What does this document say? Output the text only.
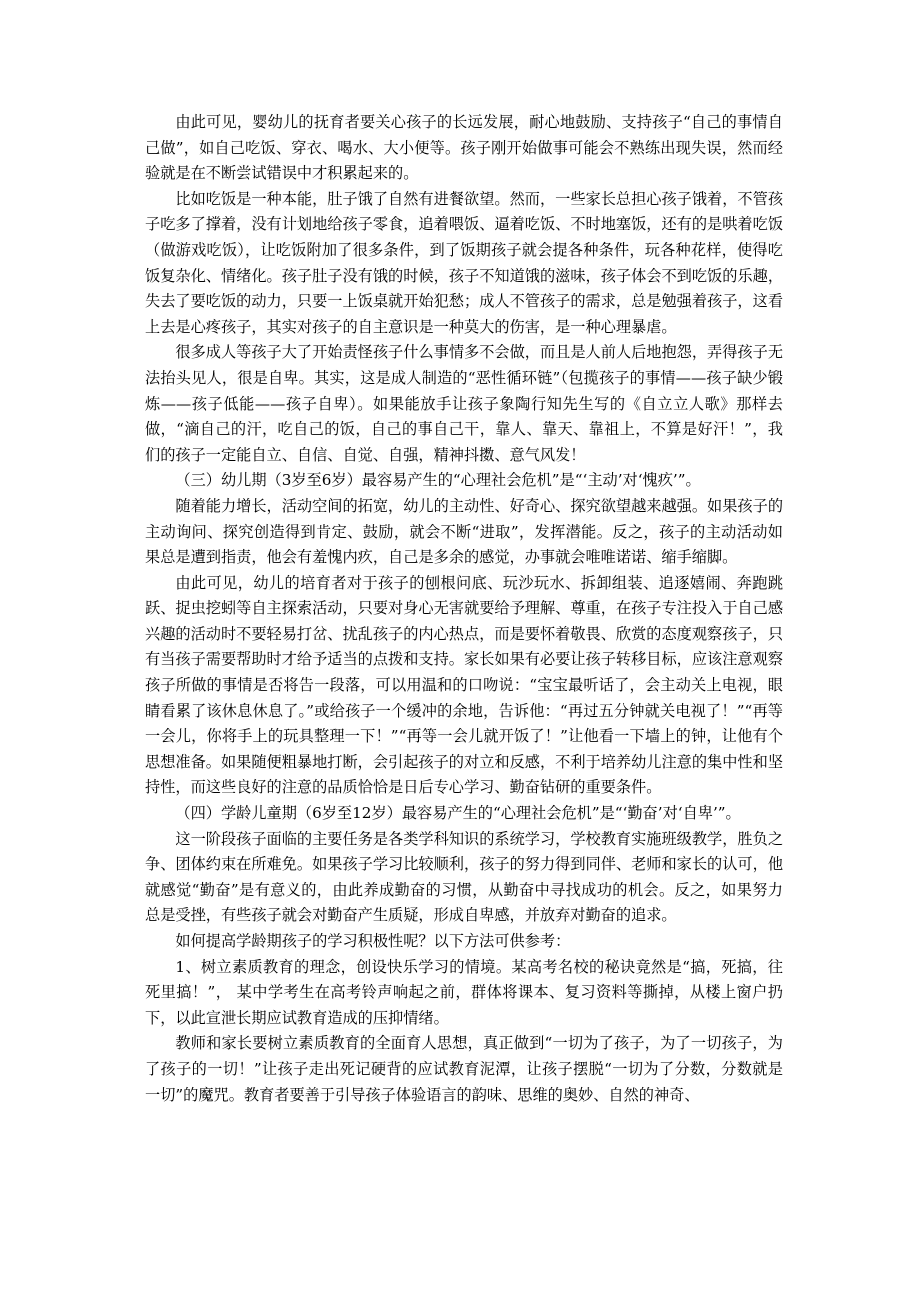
由此可见，婴幼儿的抚育者要关心孩子的长远发展，耐心地鼓励、支持孩子“自己的事情自己做”，如自己吃饭、穿衣、喝水、大小便等。孩子刚开始做事可能会不熟练出现失误，然而经验就是在不断尝试错误中才积累起来的。

比如吃饭是一种本能，肚子饿了自然有进餐欲望。然而，一些家长总担心孩子饿着，不管孩子吃多了撑着，没有计划地给孩子零食，追着喂饭、逼着吃饭、不时地塞饭，还有的是哄着吃饭（做游戏吃饭），让吃饭附加了很多条件，到了饭期孩子就会提各种条件，玩各种花样，使得吃饭复杂化、情绪化。孩子肚子没有饿的时候，孩子不知道饿的滋味，孩子体会不到吃饭的乐趣，失去了要吃饭的动力，只要一上饭桌就开始犯愁；成人不管孩子的需求，总是勉强着孩子，这看上去是心疼孩子，其实对孩子的自主意识是一种莫大的伤害，是一种心理暴虐。

很多成人等孩子大了开始责怪孩子什么事情多不会做，而且是人前人后地抱怨，弄得孩子无法抬头见人，很是自卑。其实，这是成人制造的“恶性循环链”（包揽孩子的事情——孩子缺少锻炼——孩子低能——孩子自卑）。如果能放手让孩子象陶行知先生写的《自立立人歌》那样去做，“滴自己的汗，吃自己的饭，自己的事自己干，靠人、靠天、靠祖上，不算是好汗！”，我们的孩子一定能自立、自信、自觉、自强，精神抖擞、意气风发！

（三）幼儿期（3岁至6岁）最容易产生的“心理社会危机”是“‘主动’对‘愧疚’”。

随着能力增长，活动空间的拓宽，幼儿的主动性、好奇心、探究欲望越来越强。如果孩子的主动询问、探究创造得到肯定、鼓励，就会不断“进取”，发挥潜能。反之，孩子的主动活动如果总是遭到指责，他会有羞愧内疚，自己是多余的感觉，办事就会唯唯诺诺、缩手缩脚。

由此可见，幼儿的培育者对于孩子的刨根问底、玩沙玩水、拆卸组装、追逐嬉闹、奔跑跳跃、捉虫挖蚓等自主探索活动，只要对身心无害就要给予理解、尊重，在孩子专注投入于自己感兴趣的活动时不要轻易打岔、扰乱孩子的内心热点，而是要怀着敬畏、欣赏的态度观察孩子，只有当孩子需要帮助时才给予适当的点拨和支持。家长如果有必要让孩子转移目标，应该注意观察孩子所做的事情是否将告一段落，可以用温和的口吻说：“宝宝最听话了，会主动关上电视，眼睛看累了该休息休息了。”或给孩子一个缓冲的余地，告诉他：“再过五分钟就关电视了！”“再等一会儿，你将手上的玩具整理一下！”“再等一会儿就开饭了！”让他看一下墙上的钟，让他有个思想准备。如果随便粗暴地打断，会引起孩子的对立和反感，不利于培养幼儿注意的集中性和坚持性，而这些良好的注意的品质恰恰是日后专心学习、勤奋钻研的重要条件。

（四）学龄儿童期（6岁至12岁）最容易产生的“心理社会危机”是“‘勤奋’对‘自卑’”。

这一阶段孩子面临的主要任务是各类学科知识的系统学习，学校教育实施班级教学，胜负之争、团体约束在所难免。如果孩子学习比较顺利，孩子的努力得到同伴、老师和家长的认可，他就感觉“勤奋”是有意义的，由此养成勤奋的习惯，从勤奋中寻找成功的机会。反之，如果努力总是受挫，有些孩子就会对勤奋产生质疑，形成自卑感，并放弃对勤奋的追求。

如何提高学龄期孩子的学习积极性呢？以下方法可供参考：

1、树立素质教育的理念，创设快乐学习的情境。某高考名校的秘诀竟然是“搞，死搞，往死里搞！”， 某中学考生在高考铃声响起之前，群体将课本、复习资料等撕掉，从楼上窗户扔下，以此宣泄长期应试教育造成的压抑情绪。

教师和家长要树立素质教育的全面育人思想，真正做到“一切为了孩子，为了一切孩子，为了孩子的一切！”让孩子走出死记硬背的应试教育泥潭，让孩子摆脱“一切为了分数，分数就是一切”的魔咒。教育者要善于引导孩子体验语言的韵味、思维的奥妙、自然的神奇、
